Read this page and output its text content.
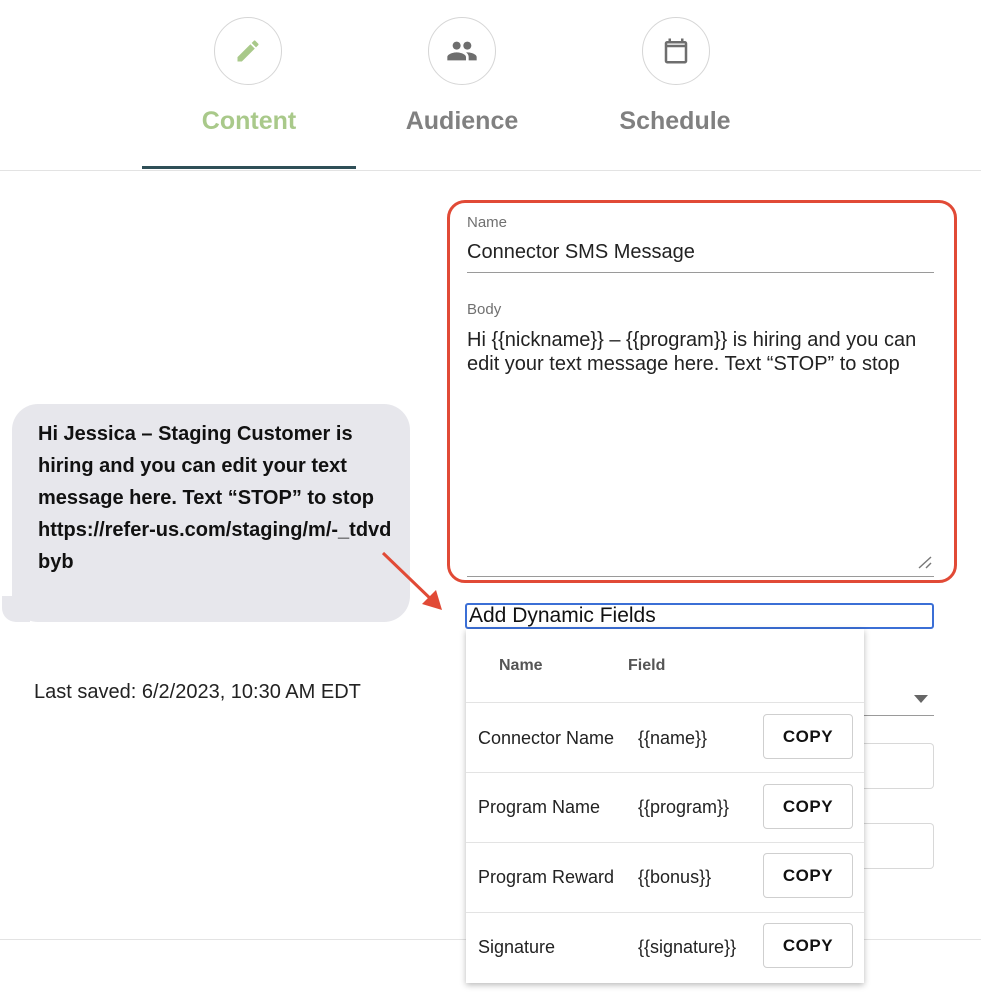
Content	Audience	Schedule
Name
Connector SMS Message
Body
Hi {{nickname}} – {{program}} is hiring and you can edit your text message here. Text “STOP” to stop
Hi Jessica – Staging Customer is hiring and you can edit your text message here. Text “STOP” to stop
https://refer-us.com/staging/m/-_tdvdbyb
Last saved: 6/2/2023, 10:30 AM EDT
Add Dynamic Fields
Name	Field
Connector Name {{name}}	COPY
Program Name {{program}}	COPY
Program Reward {{bonus}}	COPY
Signature	{{signature}}	COPY
